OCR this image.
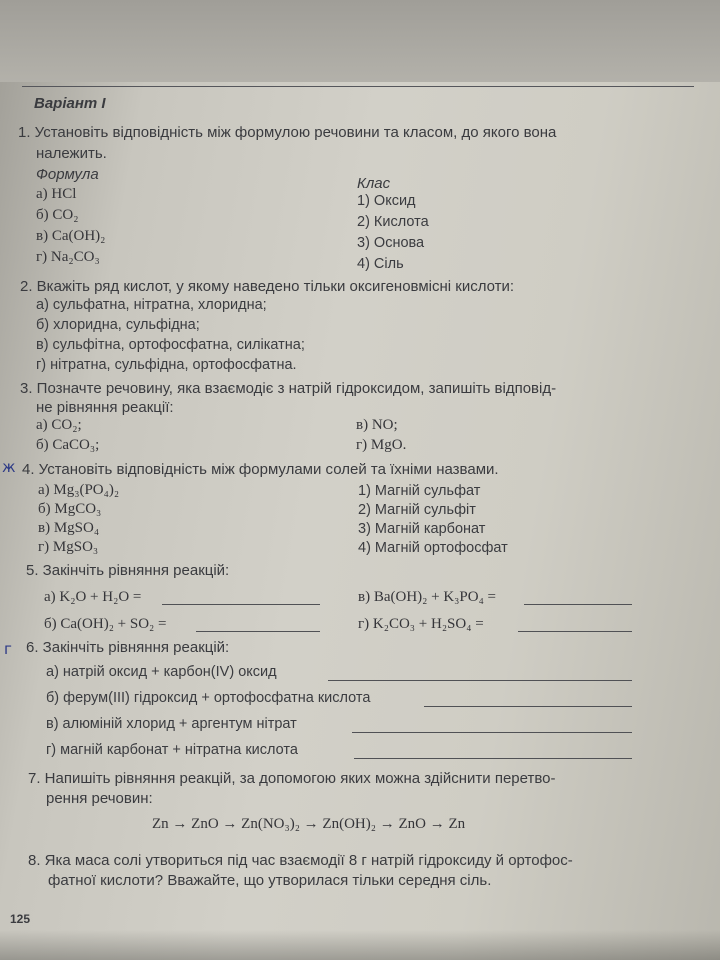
Варіант І
1. Установіть відповідність між формулою речовини та класом, до якого вона
належить.
Формула
Клас
а) HCl
б) CO₂
в) Ca(OH)₂
г) Na₂CO₃
1) Оксид
2) Кислота
3) Основа
4) Сіль
2. Вкажіть ряд кислот, у якому наведено тільки оксигеновмісні кислоти:
а) сульфатна, нітратна, хлоридна;
б) хлоридна, сульфідна;
в) сульфітна, ортофосфатна, силікатна;
г) нітратна, сульфідна, ортофосфатна.
3. Позначте речовину, яка взаємодіє з натрій гідроксидом, запишіть відповід-
не рівняння реакції:
а) CO₂;
б) CaCO₃;
в) NO;
г) MgO.
ж 4. Установіть відповідність між формулами солей та їхніми назвами.
а) Mg₃(PO₄)₂
б) MgCO₃
в) MgSO₄
г) MgSO₃
1) Магній сульфат
2) Магній сульфіт
3) Магній карбонат
4) Магній ортофосфат
5. Закінчіть рівняння реакцій:
а) K₂O + H₂O =
б) Ca(OH)₂ + SO₂ =
в) Ba(OH)₂ + K₃PO₄ =
г) K₂CO₃ + H₂SO₄ =
г 6. Закінчіть рівняння реакцій:
а) натрій оксид + карбон(IV) оксид
б) ферум(III) гідроксид + ортофосфатна кислота
в) алюміній хлорид + аргентум нітрат
г) магній карбонат + нітратна кислота
7. Напишіть рівняння реакцій, за допомогою яких можна здійснити перетво-
рення речовин:
Zn → ZnO → Zn(NO₃)₂ → Zn(OH)₂ → ZnO → Zn
8. Яка маса солі утвориться під час взаємодії 8 г натрій гідроксиду й ортофос-
фатної кислоти? Вважайте, що утворилася тільки середня сіль.
125
